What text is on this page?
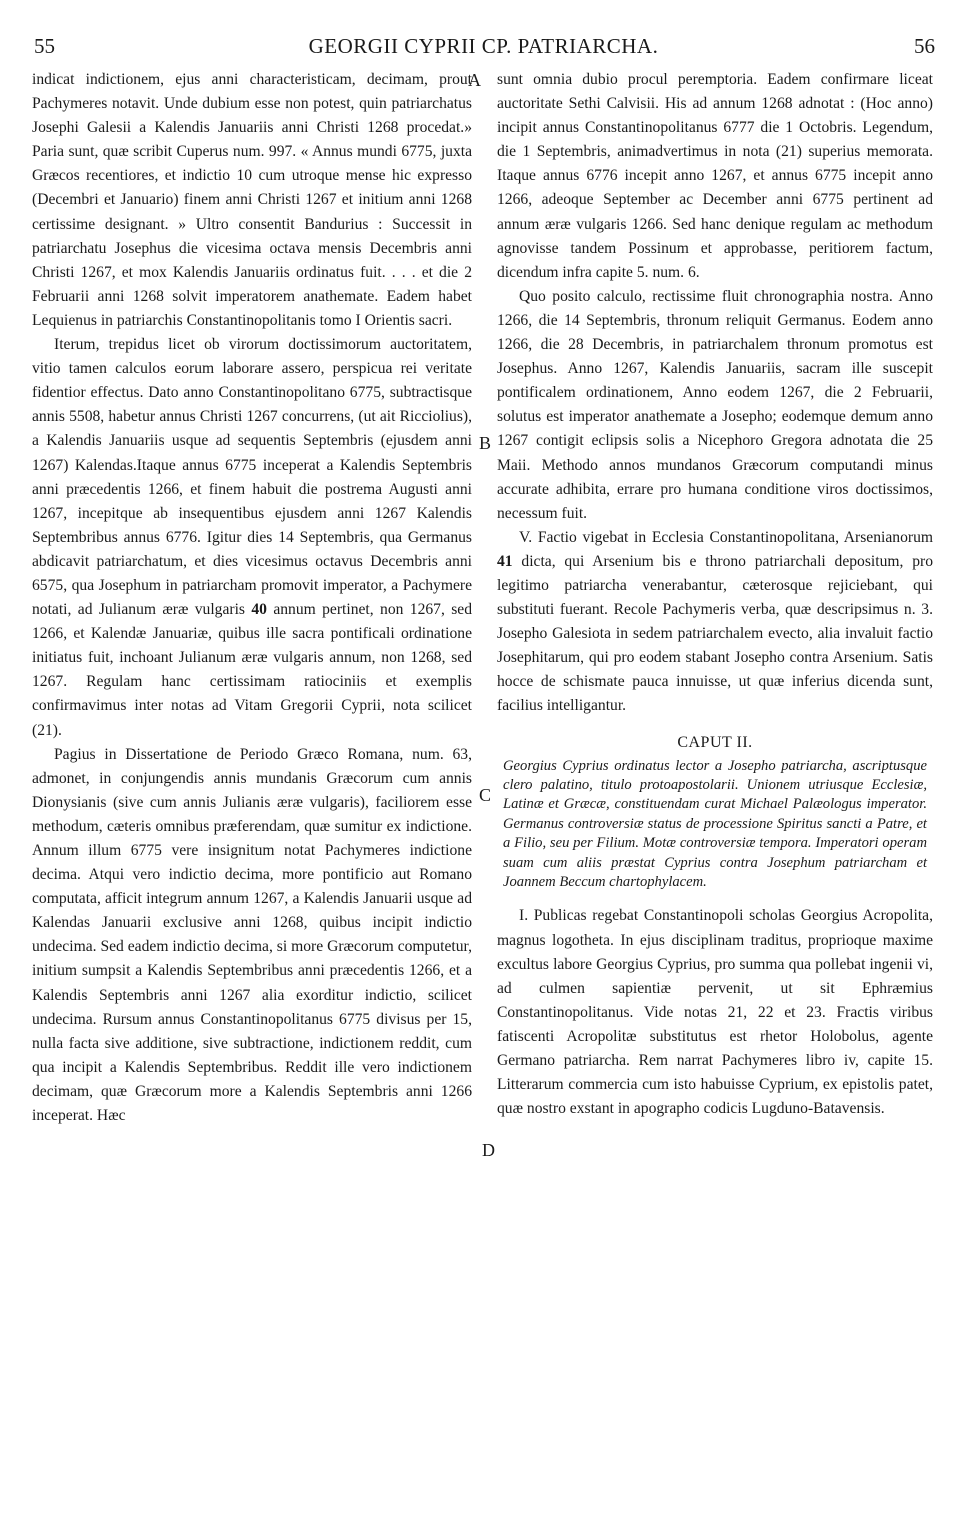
55	GEORGII CYPRII CP. PATRIARCHA.	56
A
B
C
D

indicat indictionem, ejus anni characteristicam, decimam, prout Pachymeres notavit. Unde dubium esse non potest, quin patriarchatus Josephi Galesii a Kalendis Januariis anni Christi 1268 procedat.» Paria sunt, quæ scribit Cuperus num. 997. « Annus mundi 6775, juxta Græcos recentiores, et indictio 10 cum utroque mense hic expresso (Decembri et Januario) finem anni Christi 1267 et initium anni 1268 certissime designant. » Ultro consentit Bandurius : Successit in patriarchatu Josephus die vicesima octava mensis Decembris anni Christi 1267, et mox Kalendis Januariis ordinatus fuit. . . . et die 2 Februarii anni 1268 solvit imperatorem anathemate. Eadem habet Lequienus in patriarchis Constantinopolitanis tomo I Orientis sacri.

Iterum, trepidus licet ob virorum doctissimorum auctoritatem, vitio tamen calculos eorum laborare assero, perspicua rei veritate fidentior effectus. Dato anno Constantinopolitano 6775, subtractisque annis 5508, habetur annus Christi 1267 concurrens, (ut ait Ricciolius), a Kalendis Januariis usque ad sequentis Septembris (ejusdem anni 1267) Kalendas.Itaque annus 6775 inceperat a Kalendis Septembris anni præcedentis 1266, et finem habuit die postrema Augusti anni 1267, incepitque ab insequentibus ejusdem anni 1267 Kalendis Septembribus annus 6776. Igitur dies 14 Septembris, qua Germanus abdicavit patriarchatum, et dies vicesimus octavus Decembris anni 6575, qua Josephum in patriarcham promovit imperator, a Pachymere notati, ad Julianum æræ vulgaris 40 annum pertinet, non 1267, sed 1266, et Kalendæ Januariæ, quibus ille sacra pontificali ordinatione initiatus fuit, inchoant Julianum æræ vulgaris annum, non 1268, sed 1267. Regulam hanc certissimam ratiociniis et exemplis confirmavimus inter notas ad Vitam Gregorii Cyprii, nota scilicet (21).

Pagius in Dissertatione de Periodo Græco Romana, num. 63, admonet, in conjungendis annis mundanis Græcorum cum annis Dionysianis (sive cum annis Julianis æræ vulgaris), faciliorem esse methodum, cæteris omnibus præferendam, quæ sumitur ex indictione. Annum illum 6775 vere insignitum notat Pachymeres indictione decima. Atqui vero indictio decima, more pontificio aut Romano computata, afficit integrum annum 1267, a Kalendis Januarii usque ad Kalendas Januarii exclusive anni 1268, quibus incipit indictio undecima. Sed eadem indictio decima, si more Græcorum computetur, initium sumpsit a Kalendis Septembribus anni præcedentis 1266, et a Kalendis Septembris anni 1267 alia exorditur indictio, scilicet undecima. Rursum annus Constantinopolitanus 6775 divisus per 15, nulla facta sive additione, sive subtractione, indictionem reddit, cum qua incipit a Kalendis Septembribus. Reddit ille vero indictionem decimam, quæ Græcorum more a Kalendis Septembris anni 1266 inceperat. Hæc

sunt omnia dubio procul peremptoria. Eadem confirmare liceat auctoritate Sethi Calvisii. His ad annum 1268 adnotat : (Hoc anno) incipit annus Constantinopolitanus 6777 die 1 Octobris. Legendum, die 1 Septembris, animadvertimus in nota (21) superius memorata. Itaque annus 6776 incepit anno 1267, et annus 6775 incepit anno 1266, adeoque September ac December anni 6775 pertinent ad annum æræ vulgaris 1266. Sed hanc denique regulam ac methodum agnovisse tandem Possinum et approbasse, peritiorem factum, dicendum infra capite 5. num. 6.

Quo posito calculo, rectissime fluit chronographia nostra. Anno 1266, die 14 Septembris, thronum reliquit Germanus. Eodem anno 1266, die 28 Decembris, in patriarchalem thronum promotus est Josephus. Anno 1267, Kalendis Januariis, sacram ille suscepit pontificalem ordinationem, Anno eodem 1267, die 2 Februarii, solutus est imperator anathemate a Josepho; eodemque demum anno 1267 contigit eclipsis solis a Nicephoro Gregora adnotata die 25 Maii. Methodo annos mundanos Græcorum computandi minus accurate adhibita, errare pro humana conditione viros doctissimos, necessum fuit.

V. Factio vigebat in Ecclesia Constantinopolitana, Arsenianorum 41 dicta, qui Arsenium bis e throno patriarchali depositum, pro legitimo patriarcha venerabantur, cæterosque rejiciebant, qui substituti fuerant. Recole Pachymeris verba, quæ descripsimus n. 3. Josepho Galesiota in sedem patriarchalem evecto, alia invaluit factio Josephitarum, qui pro eodem stabant Josepho contra Arsenium. Satis hocce de schismate pauca innuisse, ut quæ inferius dicenda sunt, facilius intelligantur.

CAPUT II.

Georgius Cyprius ordinatus lector a Josepho patriarcha, ascriptusque clero palatino, titulo protoapostolarii. Unionem utriusque Ecclesiæ, Latinæ et Græcæ, constituendam curat Michael Palæologus imperator. Germanus controversiæ status de processione Spiritus sancti a Patre, et a Filio, seu per Filium. Motæ controversiæ tempora. Imperatori operam suam cum aliis præstat Cyprius contra Josephum patriarcham et Joannem Beccum chartophylacem.

I. Publicas regebat Constantinopoli scholas Georgius Acropolita, magnus logotheta. In ejus disciplinam traditus, proprioque maxime excultus labore Georgius Cyprius, pro summa qua pollebat ingenii vi, ad culmen sapientiæ pervenit, ut sit Ephræmius Constantinopolitanus. Vide notas 21, 22 et 23. Fractis viribus fatiscenti Acropolitæ substitutus est rhetor Holobolus, agente Germano patriarcha. Rem narrat Pachymeres libro iv, capite 15. Litterarum commercia cum isto habuisse Cyprium, ex epistolis patet, quæ nostro exstant in apographo codicis Lugduno-Batavensis.
